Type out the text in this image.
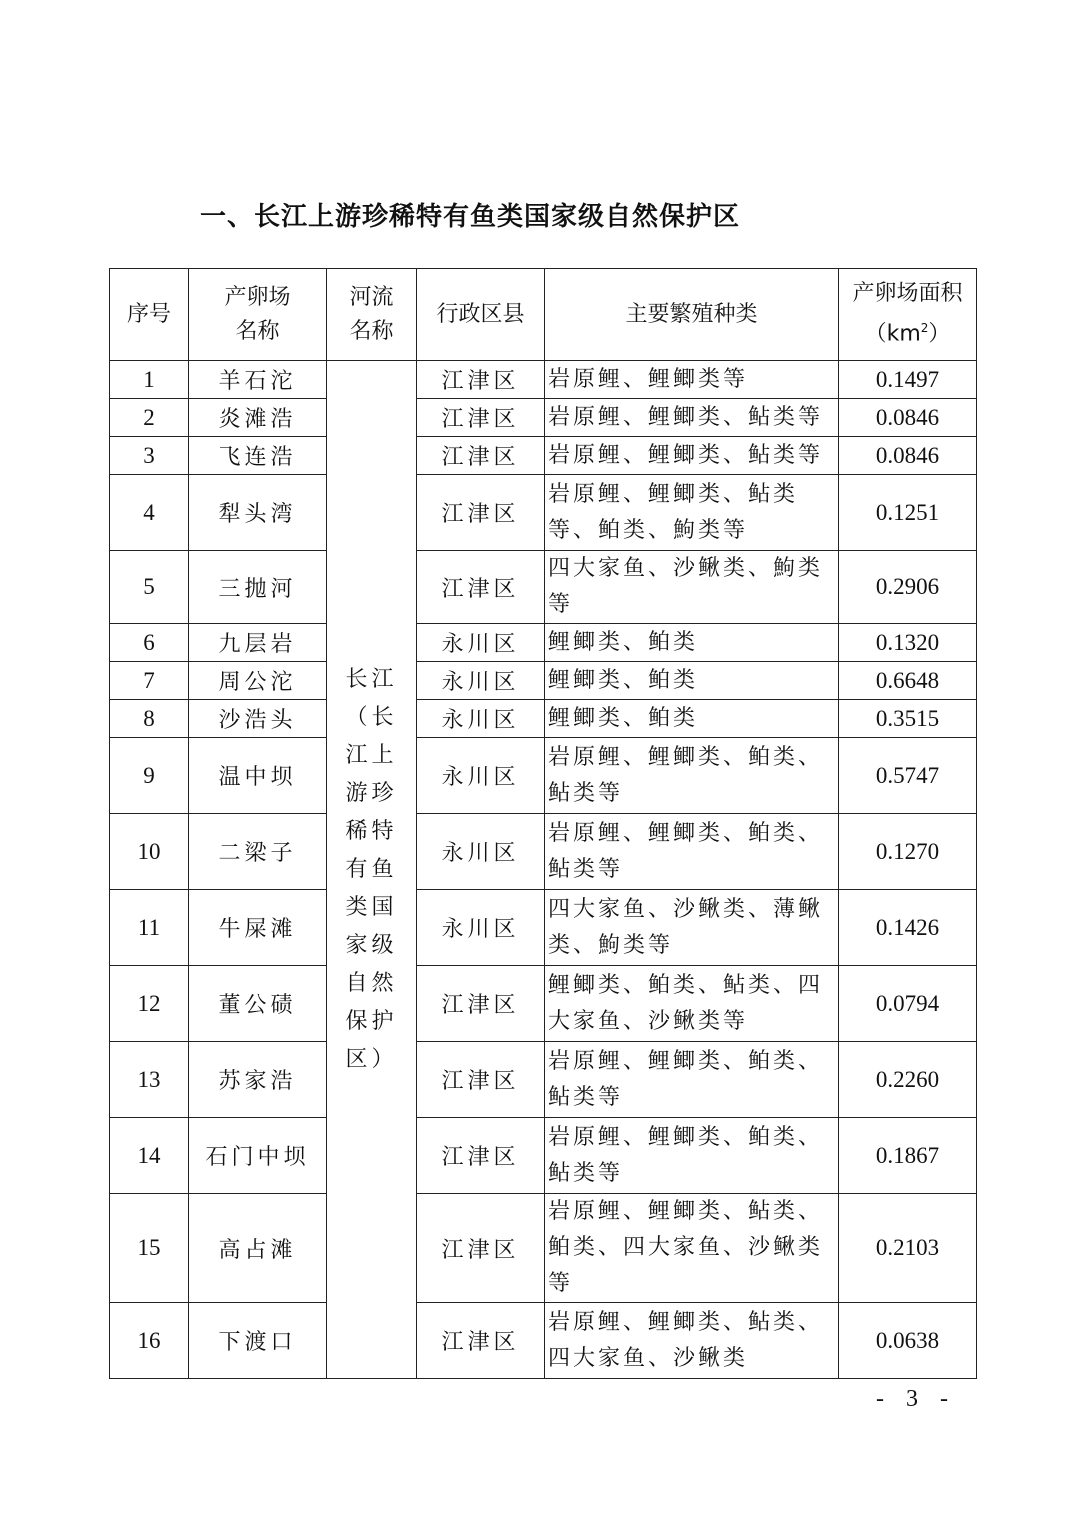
一、长江上游珍稀特有鱼类国家级自然保护区
序号	产卵场名称	河流名称	行政区县	主要繁殖种类	产卵场面积$(km^2)$
1	羊石沱	长江（长江上游珍稀特有鱼类国家级自然保护区）	江津区	岩原鲤、鲤鲫类等	0.1497
2	炎滩浩		江津区	岩原鲤、鲤鲫类、鲇类等	0.0846
3	飞连浩		江津区	岩原鲤、鲤鲫类、鲇类等	0.0846
4	犁头湾		江津区	岩原鲤、鲤鲫类、鲇类等、鲌类、鮈类等	0.1251
5	三抛河		江津区	四大家鱼、沙鳅类、鮈类等	0.2906
6	九层岩		永川区	鲤鲫类、鲌类	0.1320
7	周公沱		永川区	鲤鲫类、鲌类	0.6648
8	沙浩头		永川区	鲤鲫类、鲌类	0.3515
9	温中坝		永川区	岩原鲤、鲤鲫类、鲌类、鲇类等	0.5747
10	二梁子		永川区	岩原鲤、鲤鲫类、鲌类、鲇类等	0.1270
11	牛屎滩		永川区	四大家鱼、沙鳅类、薄鳅类、鮈类等	0.1426
12	董公碛		江津区	鲤鲫类、鲌类、鲇类、四大家鱼、沙鳅类等	0.0794
13	苏家浩		江津区	岩原鲤、鲤鲫类、鲌类、鲇类等	0.2260
14	石门中坝		江津区	岩原鲤、鲤鲫类、鲌类、鲇类等	0.1867
15	高占滩		江津区	岩原鲤、鲤鲫类、鲇类、鲌类、四大家鱼、沙鳅类等	0.2103
16	下渡口		江津区	岩原鲤、鲤鲫类、鲇类、四大家鱼、沙鳅类	0.0638
- 3 -
